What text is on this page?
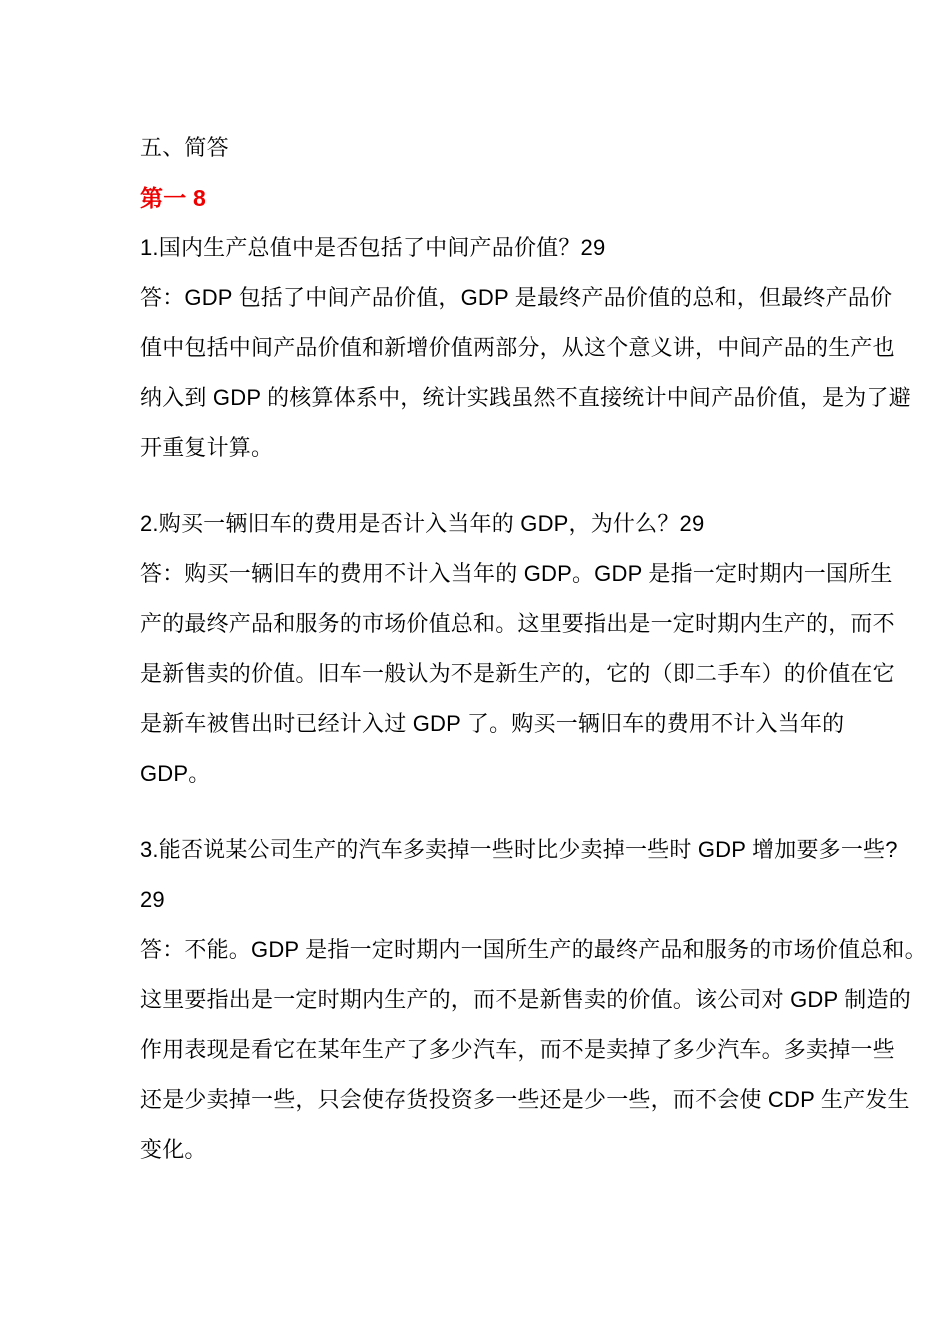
五、简答

第一 8

1.国内生产总值中是否包括了中间产品价值？29

答：GDP 包括了中间产品价值，GDP 是最终产品价值的总和，但最终产品价

值中包括中间产品价值和新增价值两部分，从这个意义讲，中间产品的生产也

纳入到 GDP 的核算体系中，统计实践虽然不直接统计中间产品价值，是为了避

开重复计算。

2.购买一辆旧车的费用是否计入当年的 GDP，为什么？29

答：购买一辆旧车的费用不计入当年的 GDP。GDP 是指一定时期内一国所生

产的最终产品和服务的市场价值总和。这里要指出是一定时期内生产的，而不

是新售卖的价值。旧车一般认为不是新生产的，它的（即二手车）的价值在它

是新车被售出时已经计入过 GDP 了。购买一辆旧车的费用不计入当年的

GDP。

3.能否说某公司生产的汽车多卖掉一些时比少卖掉一些时 GDP 增加要多一些?

29

答：不能。GDP 是指一定时期内一国所生产的最终产品和服务的市场价值总和。

这里要指出是一定时期内生产的，而不是新售卖的价值。该公司对 GDP 制造的

作用表现是看它在某年生产了多少汽车，而不是卖掉了多少汽车。多卖掉一些

还是少卖掉一些，只会使存货投资多一些还是少一些，而不会使 CDP 生产发生

变化。
